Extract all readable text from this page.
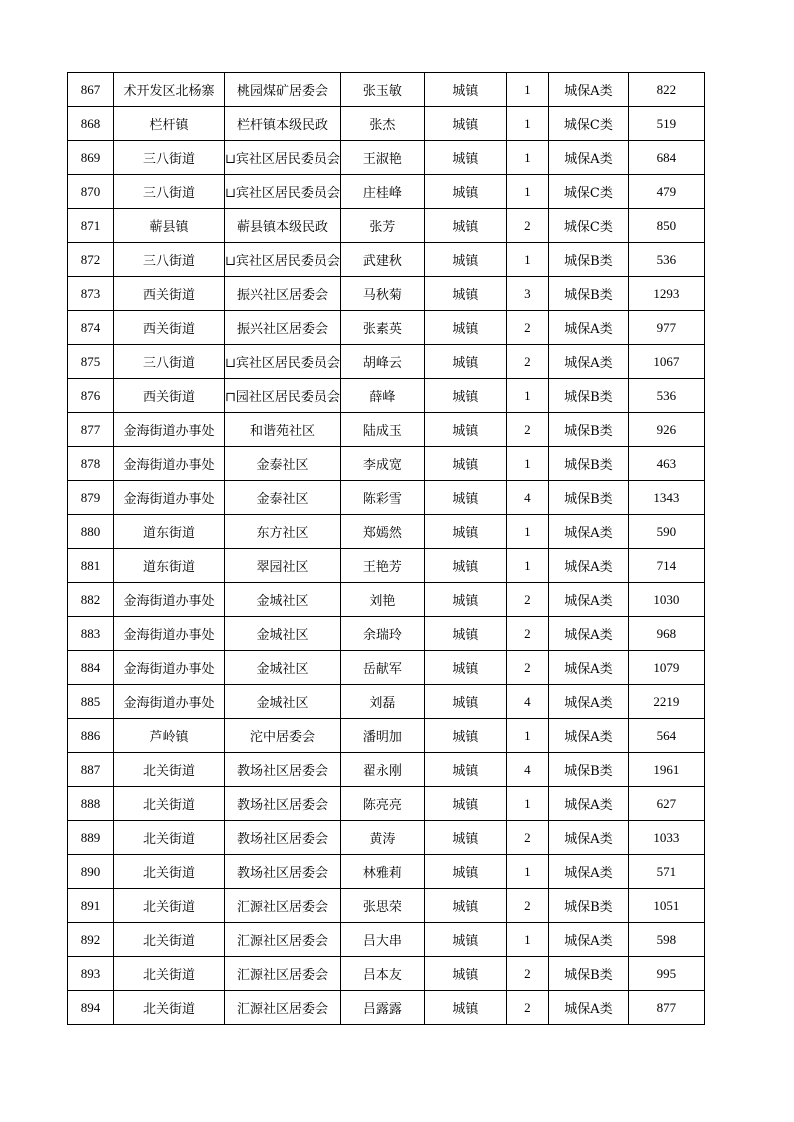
867	术开发区北杨寨	桃园煤矿居委会	张玉敏	城镇	1	城保A类	822
868	栏杆镇	栏杆镇本级民政	张杰	城镇	1	城保C类	519
869	三八街道	⊔宾社区居民委员会	王淑艳	城镇	1	城保A类	684
870	三八街道	⊔宾社区居民委员会	庄桂峰	城镇	1	城保C类	479
871	蕲县镇	蕲县镇本级民政	张芳	城镇	2	城保C类	850
872	三八街道	⊔宾社区居民委员会	武建秋	城镇	1	城保B类	536
873	西关街道	振兴社区居委会	马秋菊	城镇	3	城保B类	1293
874	西关街道	振兴社区居委会	张素英	城镇	2	城保A类	977
875	三八街道	⊔宾社区居民委员会	胡峰云	城镇	2	城保A类	1067
876	西关街道	⊓园社区居民委员会	薛峰	城镇	1	城保B类	536
877	金海街道办事处	和谐苑社区	陆成玉	城镇	2	城保B类	926
878	金海街道办事处	金泰社区	李成宽	城镇	1	城保B类	463
879	金海街道办事处	金泰社区	陈彩雪	城镇	4	城保B类	1343
880	道东街道	东方社区	郑嫣然	城镇	1	城保A类	590
881	道东街道	翠园社区	王艳芳	城镇	1	城保A类	714
882	金海街道办事处	金城社区	刘艳	城镇	2	城保A类	1030
883	金海街道办事处	金城社区	余瑞玲	城镇	2	城保A类	968
884	金海街道办事处	金城社区	岳献军	城镇	2	城保A类	1079
885	金海街道办事处	金城社区	刘磊	城镇	4	城保A类	2219
886	芦岭镇	沱中居委会	潘明加	城镇	1	城保A类	564
887	北关街道	教场社区居委会	翟永刚	城镇	4	城保B类	1961
888	北关街道	教场社区居委会	陈亮亮	城镇	1	城保A类	627
889	北关街道	教场社区居委会	黄涛	城镇	2	城保A类	1033
890	北关街道	教场社区居委会	林雅莉	城镇	1	城保A类	571
891	北关街道	汇源社区居委会	张思荣	城镇	2	城保B类	1051
892	北关街道	汇源社区居委会	吕大串	城镇	1	城保A类	598
893	北关街道	汇源社区居委会	吕本友	城镇	2	城保B类	995
894	北关街道	汇源社区居委会	吕露露	城镇	2	城保A类	877
